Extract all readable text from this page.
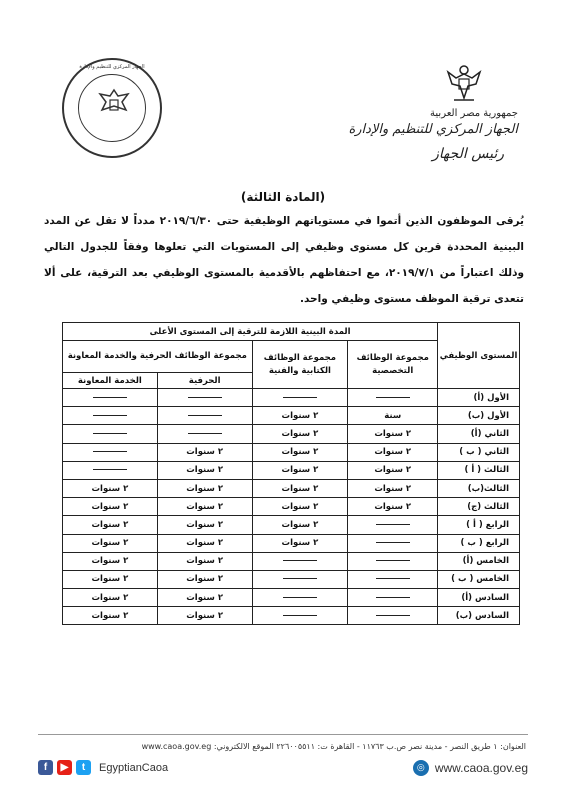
الجهاز المركزي للتنظيم والإدارة
جمهورية مصر العربية
الجهاز المركزي للتنظيم والإدارة
رئيس الجهاز
(المادة الثالثة)
يُرقى الموظفون الذين أتموا في مستوياتهم الوظيفية حتى ٢٠١٩/٦/٣٠ مدداً لا تقل عن المدد البينية المحددة قرين كل مستوى وظيفي إلى المستويات التي تعلوها وفقاً للجدول التالي وذلك اعتباراً من ٢٠١٩/٧/١، مع احتفاظهم بالأقدمية بالمستوى الوظيفي بعد الترقية، على ألا تتعدى ترقية الموظف مستوى وظيفي واحد.
المستوى الوظيفي	المدة البينية اللازمة للترقية إلى المستوى الأعلى			
	مجموعة الوظائف التخصصية	مجموعة الوظائف الكتابية والفنية	مجموعة الوظائف الحرفية والخدمة المعاونة	
			الحرفية	الخدمة المعاونة
الأول (أ)				
الأول (ب)	سنة	٢ سنوات		
الثاني (أ)	٢ سنوات	٢ سنوات		
الثاني ( ب )	٢ سنوات	٢ سنوات	٢ سنوات	
الثالث ( أ )	٢ سنوات	٢ سنوات	٢ سنوات	
الثالث(ب)	٢ سنوات	٢ سنوات	٢ سنوات	٢ سنوات
الثالث (ج)	٢ سنوات	٢ سنوات	٢ سنوات	٢ سنوات
الرابع ( أ )		٢ سنوات	٢ سنوات	٢ سنوات
الرابع ( ب )		٢ سنوات	٢ سنوات	٢ سنوات
الخامس (أ)			٢ سنوات	٢ سنوات
الخامس ( ب )			٢ سنوات	٢ سنوات
السادس (أ)			٢ سنوات	٢ سنوات
السادس (ب)			٢ سنوات	٢ سنوات
العنوان: ١ طريق النصر - مدينة نصر ص.ب ١١٧٦٣ - القاهرة ت: ٢٢٦٠٠٥٥١١ الموقع الالكتروني: www.caoa.gov.eg
f	▶	t	EgyptianCaoa	◎ www.caoa.gov.eg
